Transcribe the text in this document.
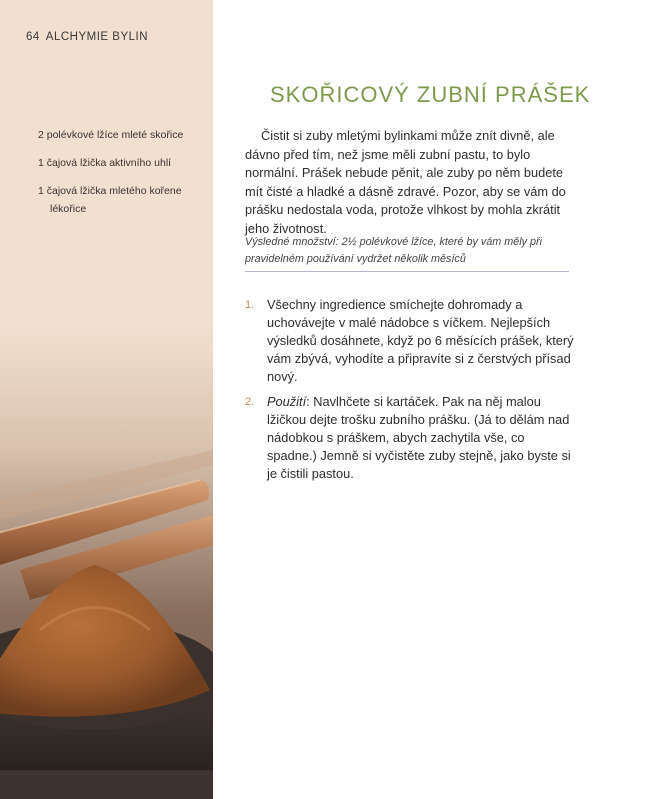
64 ALCHYMIE BYLIN
2 polévkové lžíce mleté skořice
1 čajová lžička aktivního uhlí
1 čajová lžička mletého kořene lékořice
SKOŘICOVÝ ZUBNÍ PRÁŠEK

Čistit si zuby mletými bylinkami může znít divně, ale dávno před tím, než jsme měli zubní pastu, to bylo normální. Prášek nebude pěnit, ale zuby po něm budete mít čisté a hladké a dásně zdravé. Pozor, aby se vám do prášku nedostala voda, protože vlhkost by mohla zkrátit jeho životnost.

Výsledné množství: 2½ polévkové lžíce, které by vám měly při pravidelném používání vydržet několik měsíců

1. Všechny ingredience smíchejte dohromady a uchovávejte v malé nádobce s víčkem. Nejlepších výsledků dosáhnete, když po 6 měsících prášek, který vám zbývá, vyhodíte a připravíte si z čerstvých přísad nový.
2. Použití: Navlhčete si kartáček. Pak na něj malou lžičkou dejte trošku zubního prášku. (Já to dělám nad nádobkou s práškem, abych zachytila vše, co spadne.) Jemně si vyčistěte zuby stejně, jako byste si je čistili pastou.
